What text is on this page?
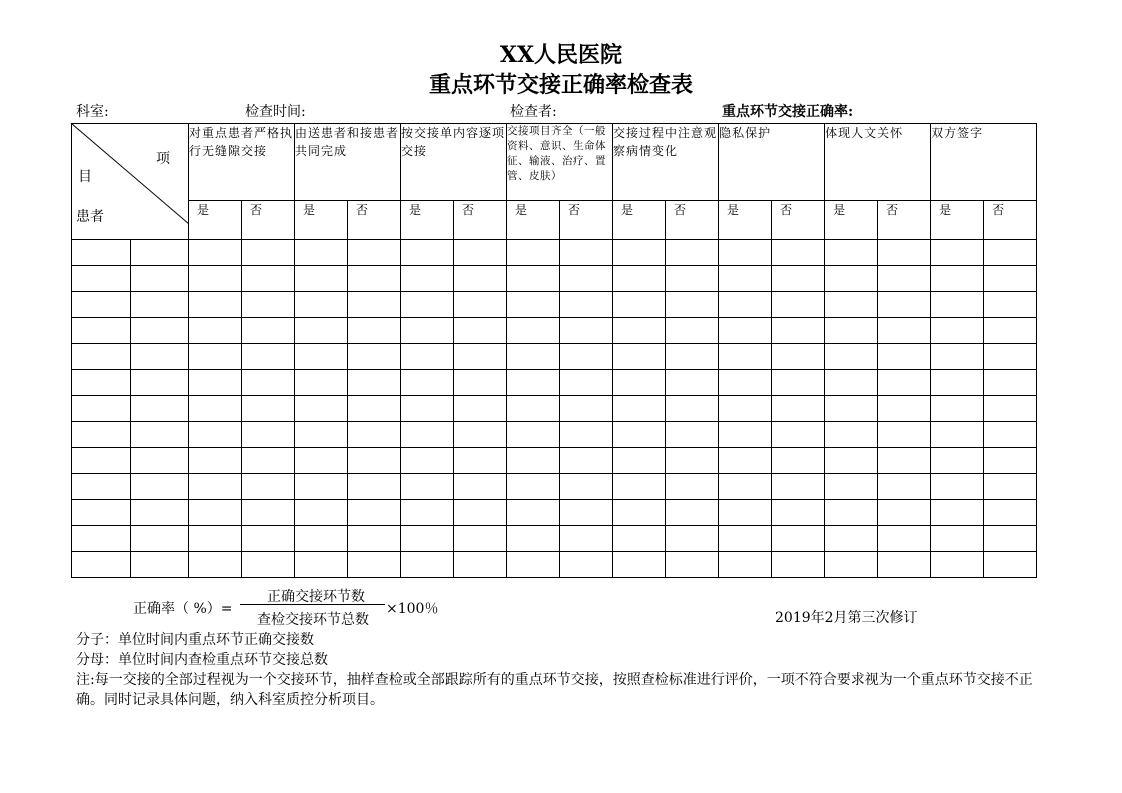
XX人民医院
重点环节交接正确率检查表
科室:	检查时间:	检查者:	重点环节交接正确率:
项
目
患者		对重点患者严格执行无缝隙交接		由送患者和接患者共同完成		按交接单内容逐项交接		交接项目齐全（一般资料、意识、生命体征、输液、治疗、置管、皮肤）		交接过程中注意观察病情变化		隐私保护		体现人文关怀		双方签字	
		是	否	是	否	是	否	是	否	是	否	是	否	是	否	是	否

正确率（ %）=
正确交接环节数
查检交接环节总数
×100％
2019年2月第三次修订
分子：单位时间内重点环节正确交接数
分母：单位时间内查检重点环节交接总数
注:每一交接的全部过程视为一个交接环节，抽样查检或全部跟踪所有的重点环节交接，按照查检标准进行评价，一项不符合要求视为一个重点环节交接不正确。同时记录具体问题，纳入科室质控分析项目。
